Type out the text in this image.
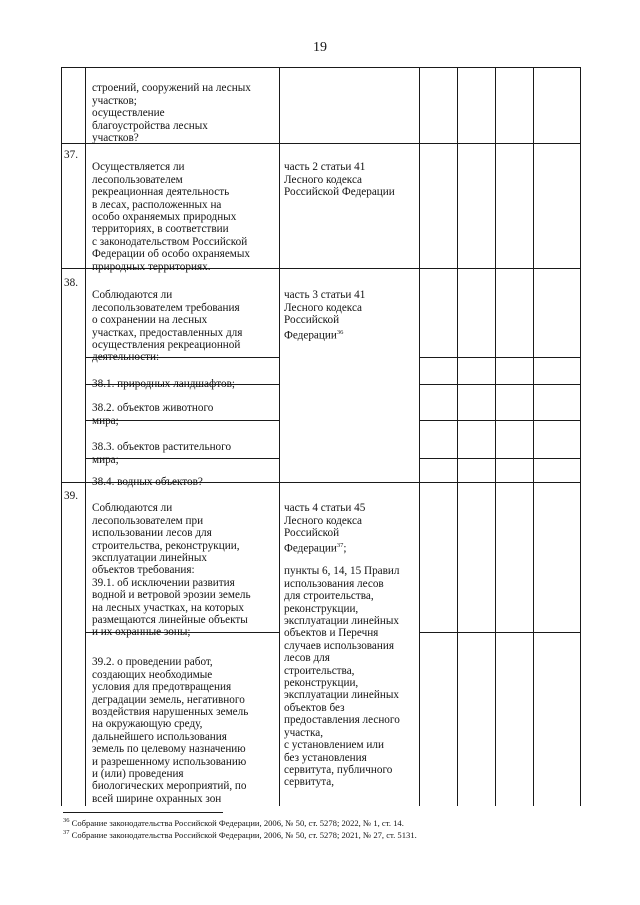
19

строений, сооружений на лесных
участков;
осуществление
благоустройства лесных
участков?
37.

Осуществляется ли
лесопользователем
рекреационная деятельность
в лесах, расположенных на
особо охраняемых природных
территориях, в соответствии
с законодательством Российской
Федерации об особо охраняемых
природных территориях.

часть 2 статьи 41
Лесного кодекса
Российской Федерации
38.

Соблюдаются ли
лесопользователем требования
о сохранении на лесных
участках, предоставленных для
осуществления рекреационной
деятельности:

часть 3 статьи 41
Лесного кодекса
Российской
Федерации$^{36}$

38.1. природных ландшафтов;

38.2. объектов животного
мира;

38.3. объектов растительного
мира;

38.4. водных объектов?
39.

Соблюдаются ли
лесопользователем при
использовании лесов для
строительства, реконструкции,
эксплуатации линейных
объектов требования:
39.1. об исключении развития
водной и ветровой эрозии земель
на лесных участках, на которых
размещаются линейные объекты
и их охранные зоны;

часть 4 статьи 45
Лесного кодекса
Российской
Федерации$^{37}$;

пункты 6, 14, 15 Правил
использования лесов
для строительства,
реконструкции,
эксплуатации линейных
объектов и Перечня
случаев использования
лесов для
строительства,
реконструкции,
эксплуатации линейных
объектов без
предоставления лесного
участка,
с установлением или
без установления
сервитута, публичного
сервитута,

39.2. о проведении работ,
создающих необходимые
условия для предотвращения
деградации земель, негативного
воздействия нарушенных земель
на окружающую среду,
дальнейшего использования
земель по целевому назначению
и разрешенному использованию
и (или) проведения
биологических мероприятий, по
всей ширине охранных зон
$^{36}$ Собрание законодательства Российской Федерации, 2006, № 50, ст. 5278; 2022, № 1, ст. 14.
$^{37}$ Собрание законодательства Российской Федерации, 2006, № 50, ст. 5278; 2021, № 27, ст. 5131.
